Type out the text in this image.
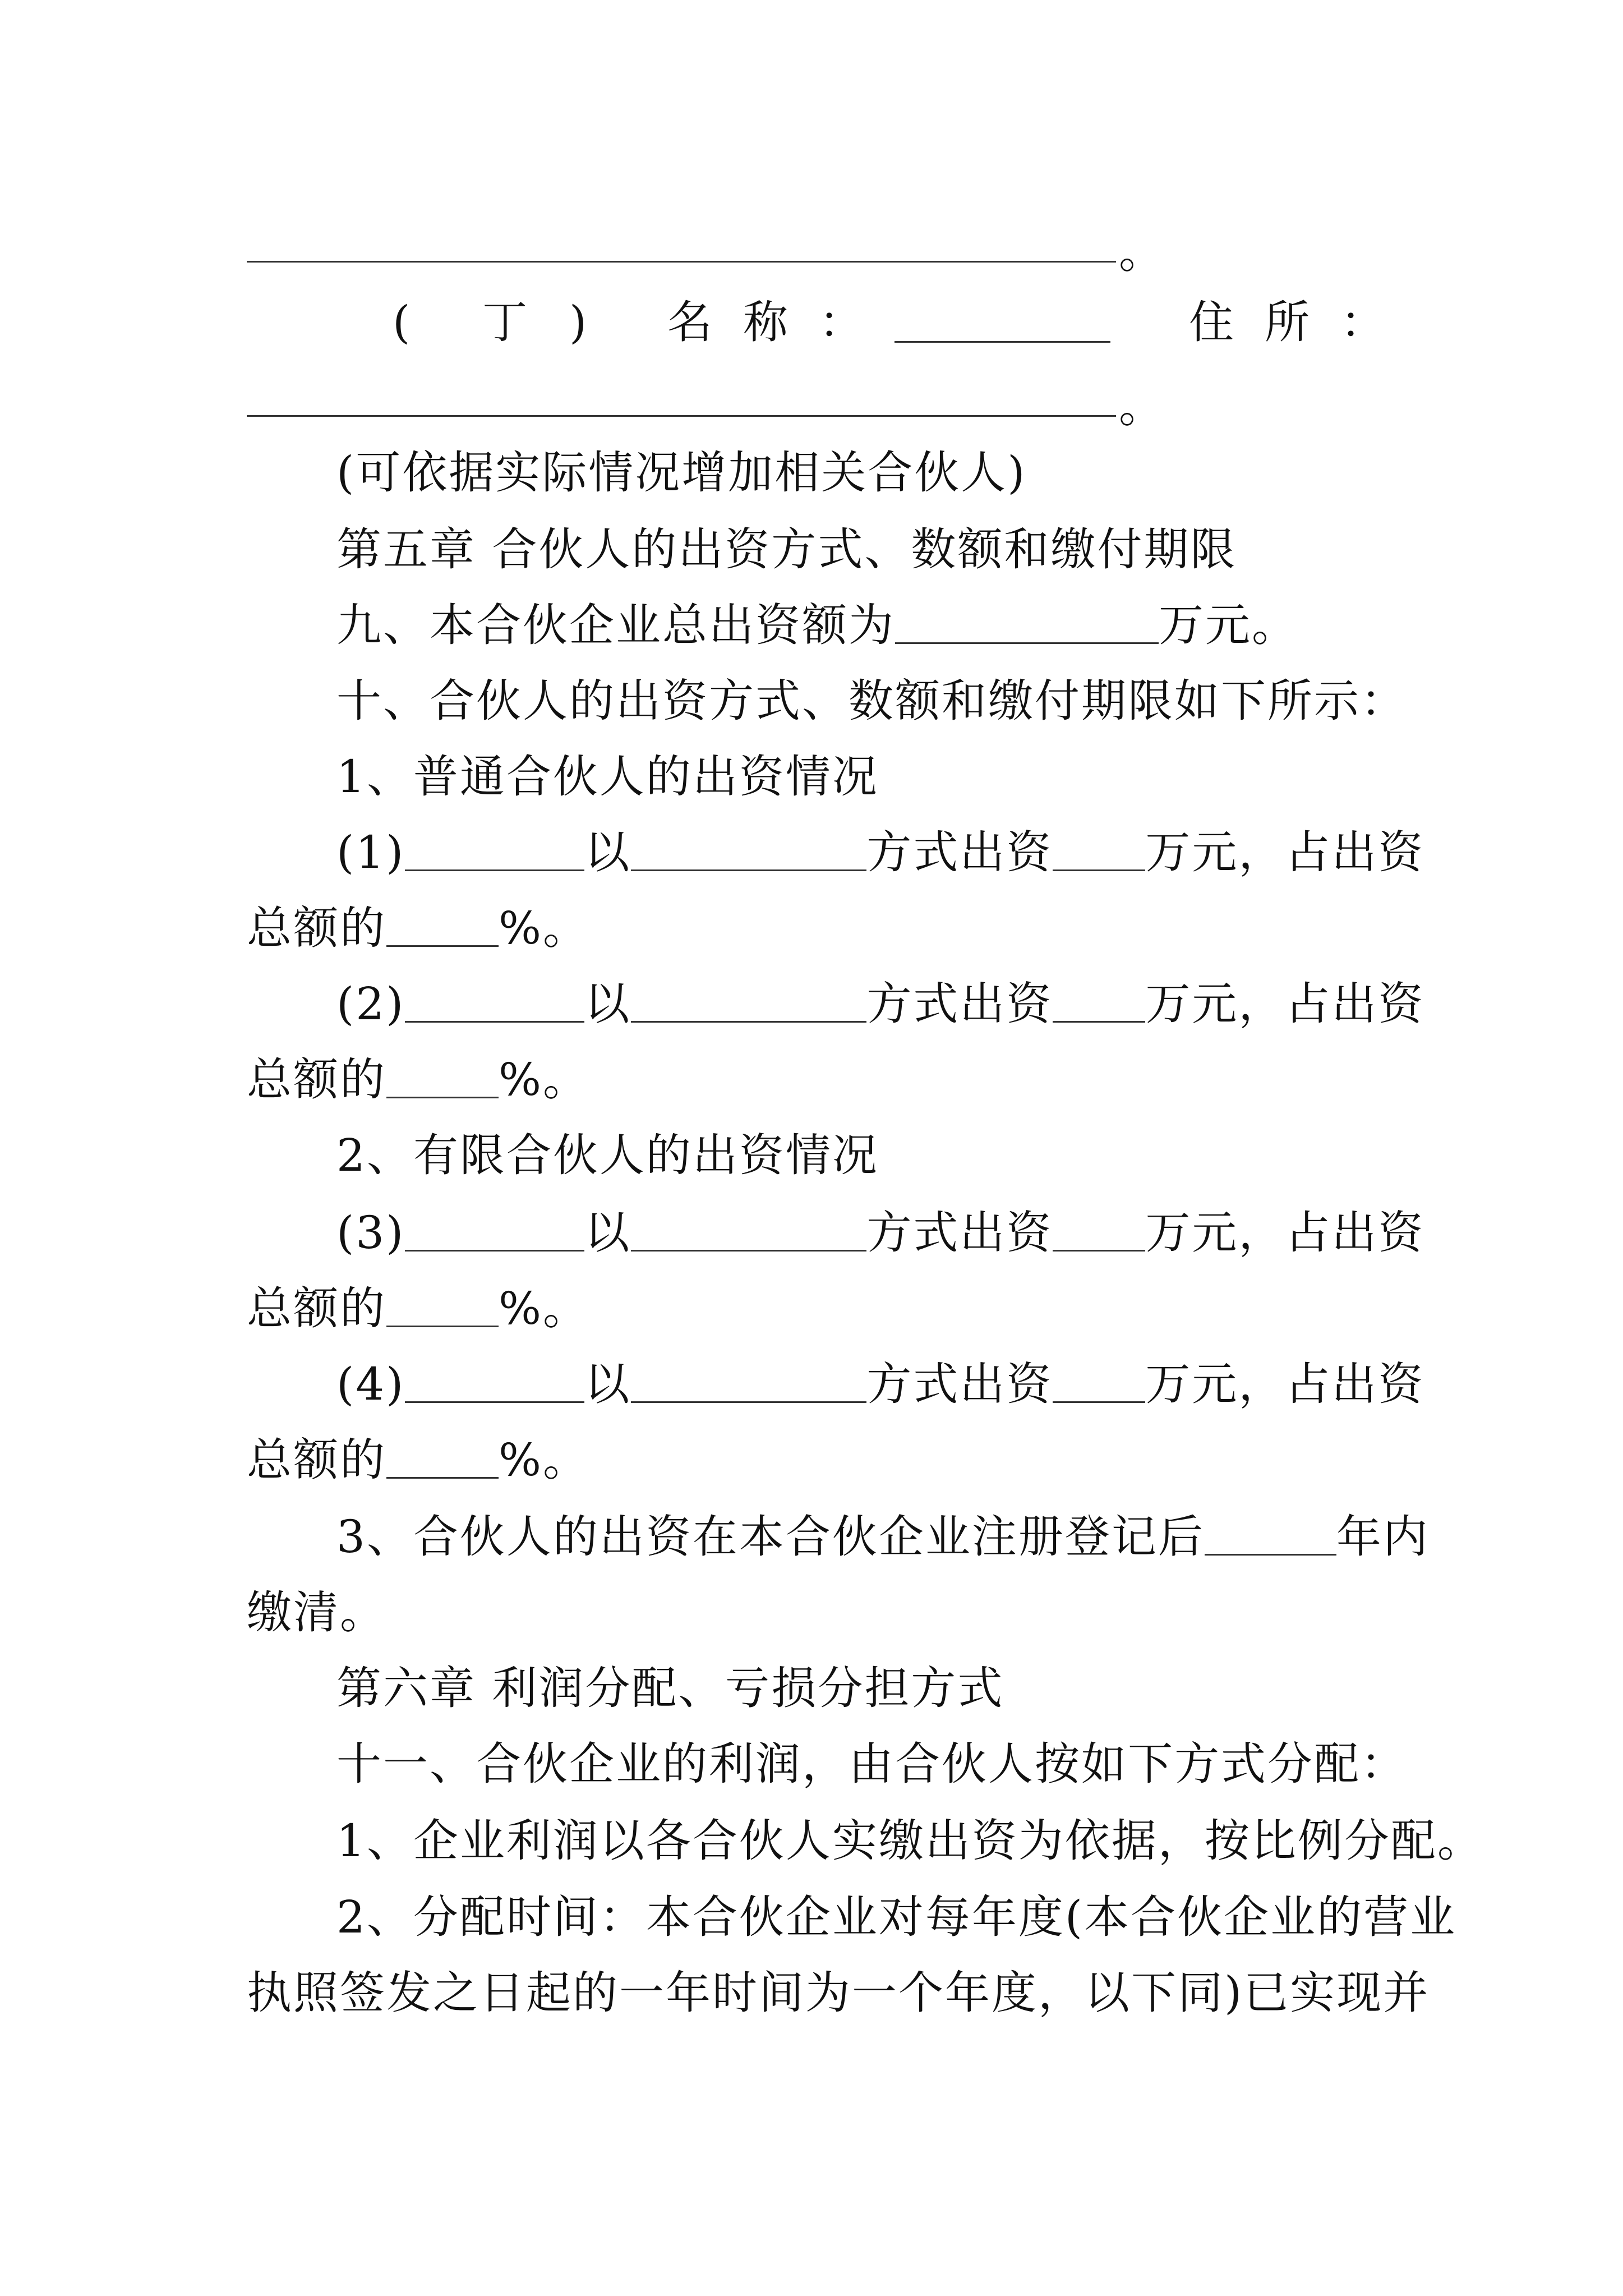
。
( 丁 ) 名 称 ：	住 所 ：
。
(可依据实际情况增加相关合伙人)
第五章 合伙人的出资方式、数额和缴付期限
九、本合伙企业总出资额为	万元。
十、合伙人的出资方式、数额和缴付期限如下所示：
1、普通合伙人的出资情况
(1)	以	方式出资 万元，占出资
总额的	%。
(2)	以	方式出资 万元，占出资
总额的	%。
2、有限合伙人的出资情况
(3)	以	方式出资 万元，占出资
总额的	%。
(4)	以	方式出资 万元，占出资
总额的	%。
3、合伙人的出资在本合伙企业注册登记后	年内
缴清。
第六章 利润分配、亏损分担方式
十一、合伙企业的利润，由合伙人按如下方式分配：
1、企业利润以各合伙人实缴出资为依据，按比例分配。
2、分配时间：本合伙企业对每年度(本合伙企业的营业
执照签发之日起的一年时间为一个年度，以下同)已实现并
